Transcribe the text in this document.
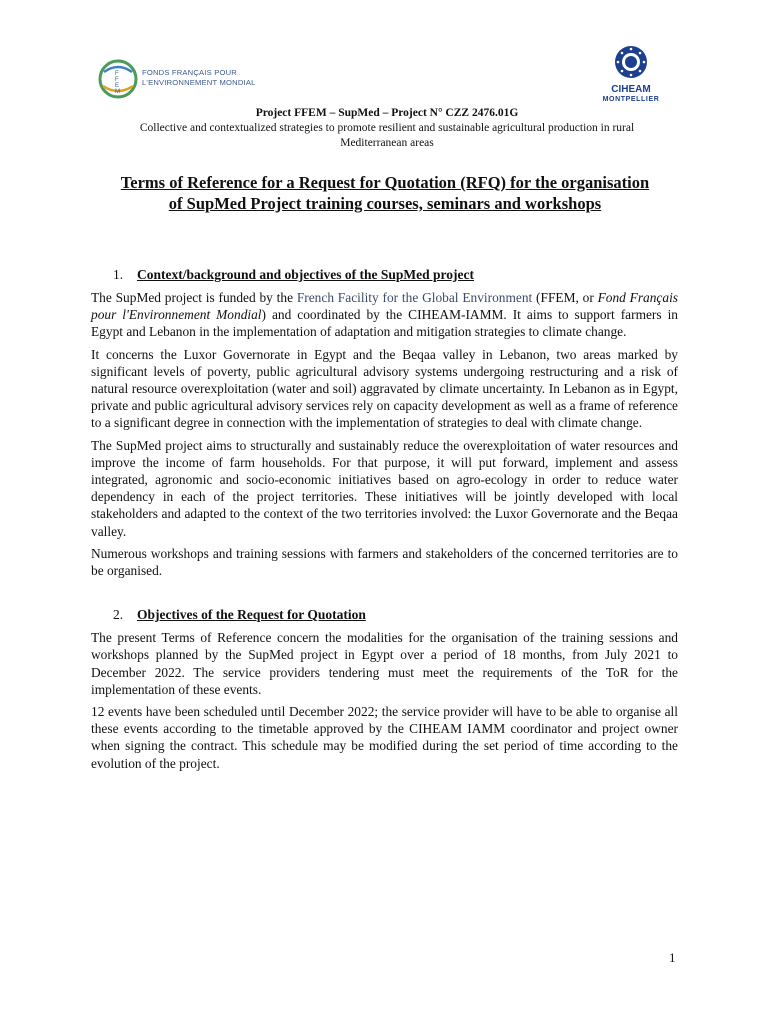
F
F
E
M
FONDS FRANÇAIS POUR
L'ENVIRONNEMENT MONDIAL
CIHEAM
MONTPELLIER
Project FFEM – SupMed – Project N° CZZ 2476.01G
Collective and contextualized strategies to promote resilient and sustainable agricultural production in rural
Mediterranean areas
Terms of Reference for a Request for Quotation (RFQ) for the organisation
of SupMed Project training courses, seminars and workshops
1. Context/background and objectives of the SupMed project

The SupMed project is funded by the French Facility for the Global Environment (FFEM, or Fond Français pour l'Environnement Mondial) and coordinated by the CIHEAM-IAMM. It aims to support farmers in Egypt and Lebanon in the implementation of adaptation and mitigation strategies to climate change.

It concerns the Luxor Governorate in Egypt and the Beqaa valley in Lebanon, two areas marked by significant levels of poverty, public agricultural advisory systems undergoing restructuring and a risk of natural resource overexploitation (water and soil) aggravated by climate uncertainty. In Lebanon as in Egypt, private and public agricultural advisory services rely on capacity development as well as a frame of reference to a significant degree in connection with the implementation of strategies to deal with climate change.

The SupMed project aims to structurally and sustainably reduce the overexploitation of water resources and improve the income of farm households. For that purpose, it will put forward, implement and assess integrated, agronomic and socio-economic initiatives based on agro-ecology in order to reduce water dependency in each of the project territories. These initiatives will be jointly developed with local stakeholders and adapted to the context of the two territories involved: the Luxor Governorate and the Beqaa valley.

Numerous workshops and training sessions with farmers and stakeholders of the concerned territories are to be organised.

2. Objectives of the Request for Quotation

The present Terms of Reference concern the modalities for the organisation of the training sessions and workshops planned by the SupMed project in Egypt over a period of 18 months, from July 2021 to December 2022. The service providers tendering must meet the requirements of the ToR for the implementation of these events.

12 events have been scheduled until December 2022; the service provider will have to be able to organise all these events according to the timetable approved by the CIHEAM IAMM coordinator and project owner when signing the contract. This schedule may be modified during the set period of time according to the evolution of the project.

1
